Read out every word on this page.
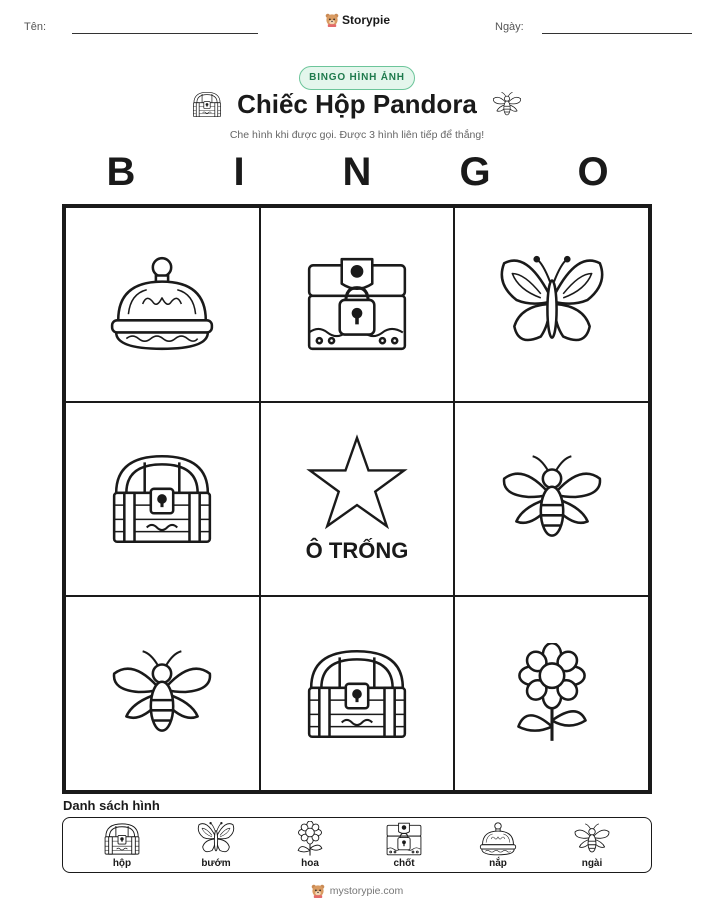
Tên:	Storypie	Ngày:
BINGO HÌNH ẢNH
Chiếc Hộp Pandora
Che hình khi được gọi. Được 3 hình liên tiếp để thắng!
B	I	N	G	O
Ô TRỐNG
Danh sách hình
hộp	bướm	hoa	chốt	nắp	ngài
mystorypie.com
